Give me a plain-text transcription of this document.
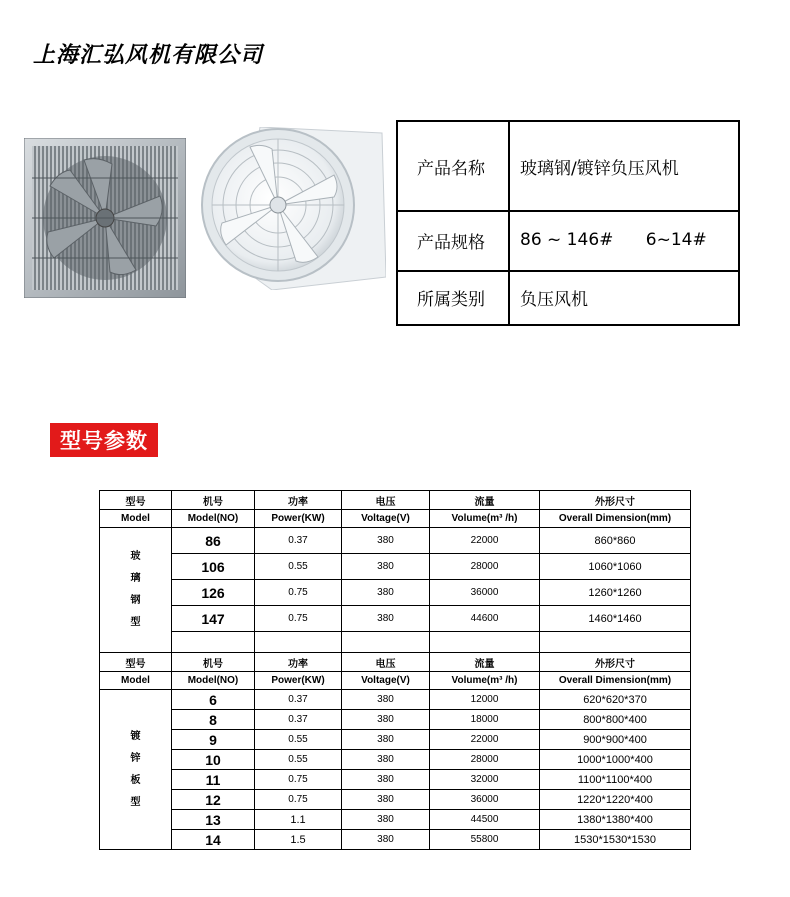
上海汇弘风机有限公司
产品名称	玻璃钢/镀锌负压风机
产品规格	86 ~ 146#      6~14#
所属类别	负压风机
型号参数
型号	机号	功率	电压	流量	外形尺寸
Model	Model(NO)	Power(KW)	Voltage(V)	Volume(m³ /h)	Overall Dimension(mm)

玻
璃
钢
型	86	0.37	380	22000	860*860
	106	0.55	380	28000	1060*1060
	126	0.75	380	36000	1260*1260
	147	0.75	380	44600	1460*1460

型号	机号	功率	电压	流量	外形尺寸
Model	Model(NO)	Power(KW)	Voltage(V)	Volume(m³ /h)	Overall Dimension(mm)

镀
锌
板
型	6	0.37	380	12000	620*620*370
	8	0.37	380	18000	800*800*400
	9	0.55	380	22000	900*900*400
	10	0.55	380	28000	1000*1000*400
	11	0.75	380	32000	1100*1100*400
	12	0.75	380	36000	1220*1220*400
	13	1.1	380	44500	1380*1380*400
	14	1.5	380	55800	1530*1530*1530
